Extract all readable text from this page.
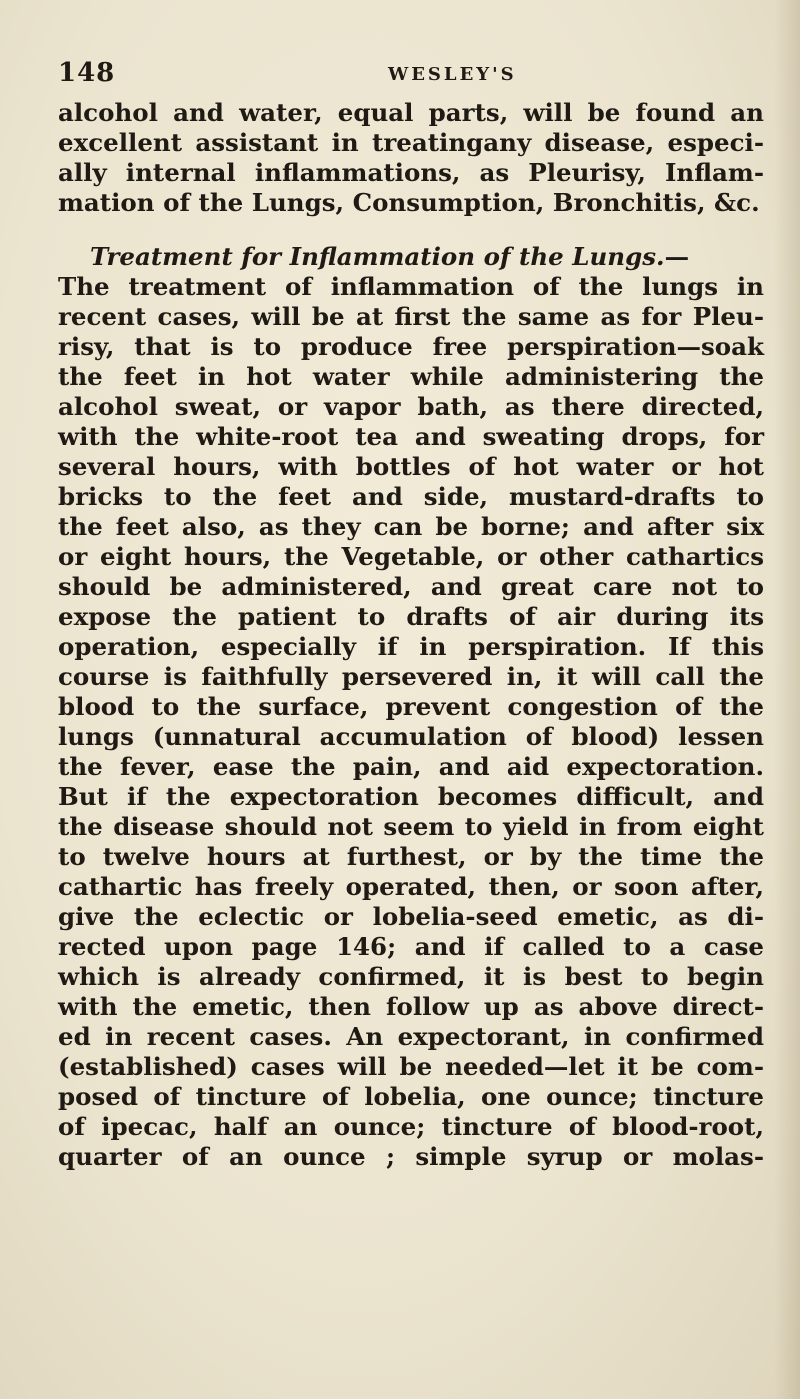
148	WESLEY'S
alcohol and water, equal parts, will be found an
excellent assistant in treatingany disease, especi-
ally internal inflammations, as Pleurisy, Inflam-
mation of the Lungs, Consumption, Bronchitis, &c.
Treatment for Inflammation of the Lungs.—
The treatment of inflammation of the lungs in
recent cases, will be at first the same as for Pleu-
risy, that is to produce free perspiration—soak
the feet in hot water while administering the
alcohol sweat, or vapor bath, as there directed,
with the white-root tea and sweating drops, for
several hours, with bottles of hot water or hot
bricks to the feet and side, mustard-drafts to
the feet also, as they can be borne; and after six
or eight hours, the Vegetable, or other cathartics
should be administered, and great care not to
expose the patient to drafts of air during its
operation, especially if in perspiration. If this
course is faithfully persevered in, it will call the
blood to the surface, prevent congestion of the
lungs (unnatural accumulation of blood) lessen
the fever, ease the pain, and aid expectoration.
But if the expectoration becomes difficult, and
the disease should not seem to yield in from eight
to twelve hours at furthest, or by the time the
cathartic has freely operated, then, or soon after,
give the eclectic or lobelia-seed emetic, as di-
rected upon page 146; and if called to a case
which is already confirmed, it is best to begin
with the emetic, then follow up as above direct-
ed in recent cases. An expectorant, in confirmed
(established) cases will be needed—let it be com-
posed of tincture of lobelia, one ounce; tincture
of ipecac, half an ounce; tincture of blood-root,
quarter of an ounce ; simple syrup or molas-
